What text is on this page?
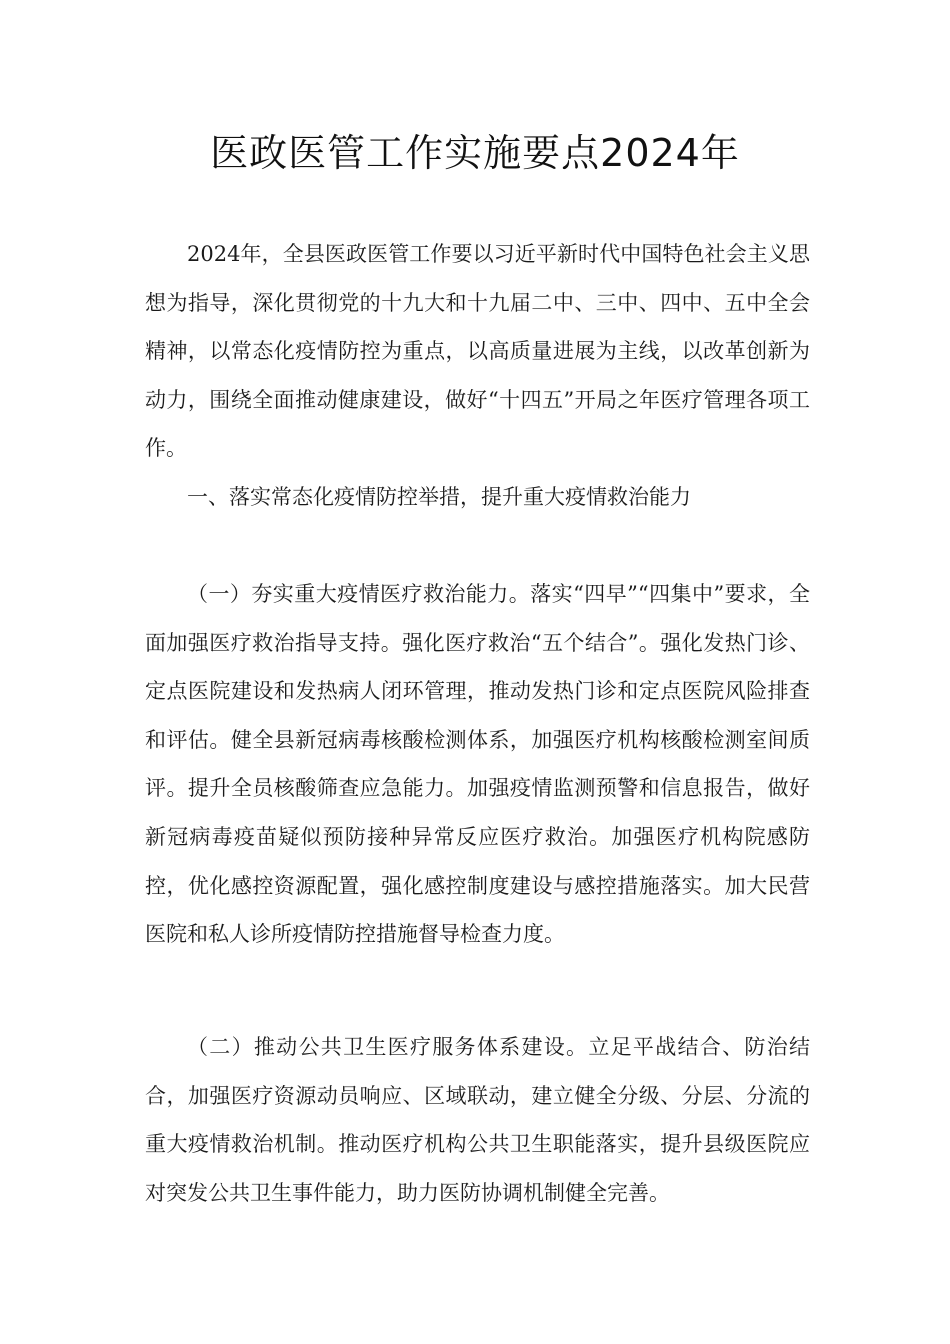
医政医管工作实施要点2024年

2024年，全县医政医管工作要以习近平新时代中国特色社会主义思想为指导，深化贯彻党的十九大和十九届二中、三中、四中、五中全会精神，以常态化疫情防控为重点，以高质量进展为主线，以改革创新为动力，围绕全面推动健康建设，做好“十四五”开局之年医疗管理各项工作。

一、落实常态化疫情防控举措，提升重大疫情救治能力

（一）夯实重大疫情医疗救治能力。落实“四早”“四集中”要求，全面加强医疗救治指导支持。强化医疗救治“五个结合”。强化发热门诊、定点医院建设和发热病人闭环管理，推动发热门诊和定点医院风险排查和评估。健全县新冠病毒核酸检测体系，加强医疗机构核酸检测室间质评。提升全员核酸筛查应急能力。加强疫情监测预警和信息报告，做好新冠病毒疫苗疑似预防接种异常反应医疗救治。加强医疗机构院感防控，优化感控资源配置，强化感控制度建设与感控措施落实。加大民营医院和私人诊所疫情防控措施督导检查力度。

（二）推动公共卫生医疗服务体系建设。立足平战结合、防治结合，加强医疗资源动员响应、区域联动，建立健全分级、分层、分流的重大疫情救治机制。推动医疗机构公共卫生职能落实，提升县级医院应对突发公共卫生事件能力，助力医防协调机制健全完善。
